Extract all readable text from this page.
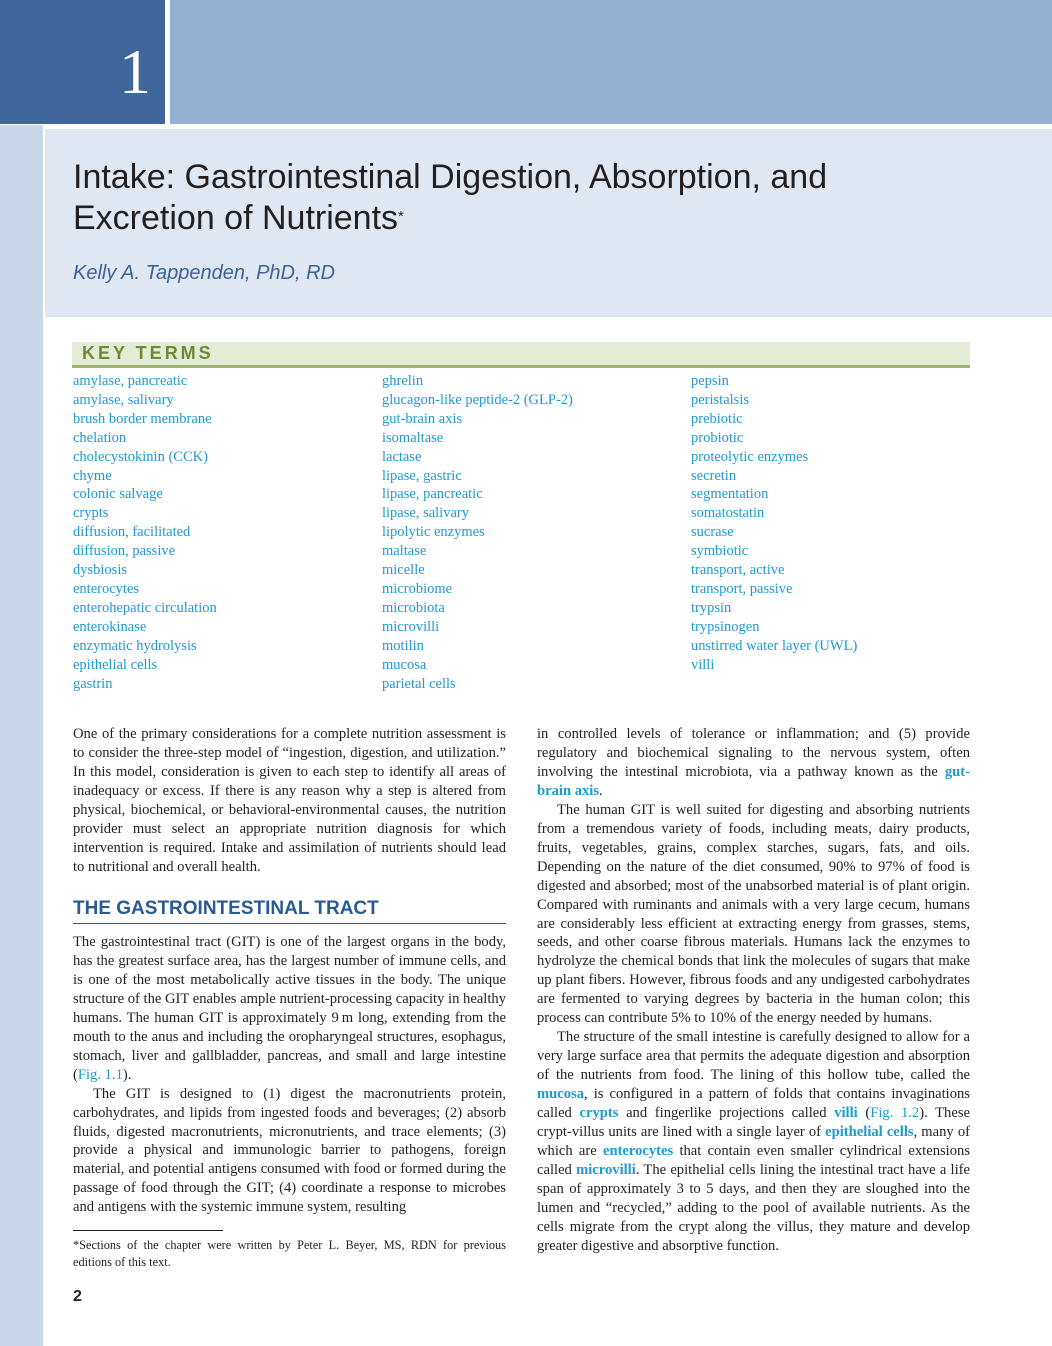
1
Intake: Gastrointestinal Digestion, Absorption, and Excretion of Nutrients*
Kelly A. Tappenden, PhD, RD
KEY TERMS
amylase, pancreatic
amylase, salivary
brush border membrane
chelation
cholecystokinin (CCK)
chyme
colonic salvage
crypts
diffusion, facilitated
diffusion, passive
dysbiosis
enterocytes
enterohepatic circulation
enterokinase
enzymatic hydrolysis
epithelial cells
gastrin
ghrelin
glucagon-like peptide-2 (GLP-2)
gut-brain axis
isomaltase
lactase
lipase, gastric
lipase, pancreatic
lipase, salivary
lipolytic enzymes
maltase
micelle
microbiome
microbiota
microvilli
motilin
mucosa
parietal cells
pepsin
peristalsis
prebiotic
probiotic
proteolytic enzymes
secretin
segmentation
somatostatin
sucrase
symbiotic
transport, active
transport, passive
trypsin
trypsinogen
unstirred water layer (UWL)
villi

One of the primary considerations for a complete nutrition assessment is to consider the three-step model of “ingestion, digestion, and utilization.” In this model, consideration is given to each step to identify all areas of inadequacy or excess. If there is any reason why a step is altered from physical, biochemical, or behavioral-environmental causes, the nutrition provider must select an appropriate nutrition diagnosis for which intervention is required. Intake and assimilation of nutrients should lead to nutritional and overall health.

THE GASTROINTESTINAL TRACT

The gastrointestinal tract (GIT) is one of the largest organs in the body, has the greatest surface area, has the largest number of immune cells, and is one of the most metabolically active tissues in the body. The unique structure of the GIT enables ample nutrient-processing capacity in healthy humans. The human GIT is approximately 9 m long, extending from the mouth to the anus and including the oropharyngeal structures, esophagus, stomach, liver and gallbladder, pancreas, and small and large intestine (Fig. 1.1).

The GIT is designed to (1) digest the macronutrients protein, carbohydrates, and lipids from ingested foods and beverages; (2) absorb fluids, digested macronutrients, micronutrients, and trace elements; (3) provide a physical and immunologic barrier to pathogens, foreign material, and potential antigens consumed with food or formed during the passage of food through the GIT; (4) coordinate a response to microbes and antigens with the systemic immune system, resulting

*Sections of the chapter were written by Peter L. Beyer, MS, RDN for previous editions of this text.

in controlled levels of tolerance or inflammation; and (5) provide regulatory and biochemical signaling to the nervous system, often involving the intestinal microbiota, via a pathway known as the gut-brain axis.

The human GIT is well suited for digesting and absorbing nutrients from a tremendous variety of foods, including meats, dairy products, fruits, vegetables, grains, complex starches, sugars, fats, and oils. Depending on the nature of the diet consumed, 90% to 97% of food is digested and absorbed; most of the unabsorbed material is of plant origin. Compared with ruminants and animals with a very large cecum, humans are considerably less efficient at extracting energy from grasses, stems, seeds, and other coarse fibrous materials. Humans lack the enzymes to hydrolyze the chemical bonds that link the molecules of sugars that make up plant fibers. However, fibrous foods and any undigested carbohydrates are fermented to varying degrees by bacteria in the human colon; this process can contribute 5% to 10% of the energy needed by humans.

The structure of the small intestine is carefully designed to allow for a very large surface area that permits the adequate digestion and absorption of the nutrients from food. The lining of this hollow tube, called the mucosa, is configured in a pattern of folds that contains invaginations called crypts and fingerlike projections called villi (Fig. 1.2). These crypt-villus units are lined with a single layer of epithelial cells, many of which are enterocytes that contain even smaller cylindrical extensions called microvilli. The epithelial cells lining the intestinal tract have a life span of approximately 3 to 5 days, and then they are sloughed into the lumen and “recycled,” adding to the pool of available nutrients. As the cells migrate from the crypt along the villus, they mature and develop greater digestive and absorptive function.

2
